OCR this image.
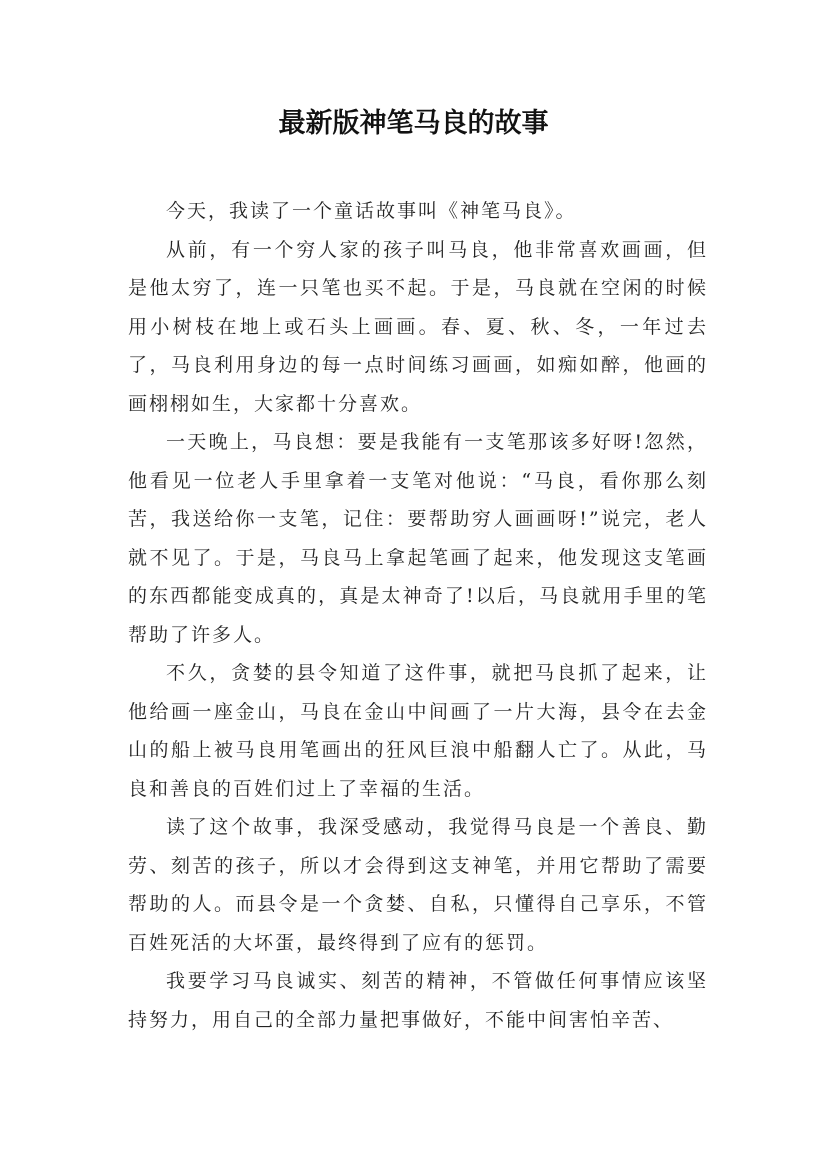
最新版神笔马良的故事

今天，我读了一个童话故事叫《神笔马良》。

从前，有一个穷人家的孩子叫马良，他非常喜欢画画，但是他太穷了，连一只笔也买不起。于是，马良就在空闲的时候用小树枝在地上或石头上画画。春、夏、秋、冬，一年过去了，马良利用身边的每一点时间练习画画，如痴如醉，他画的画栩栩如生，大家都十分喜欢。

一天晚上，马良想：要是我能有一支笔那该多好呀!忽然，他看见一位老人手里拿着一支笔对他说：“马良，看你那么刻苦，我送给你一支笔，记住：要帮助穷人画画呀!”说完，老人就不见了。于是，马良马上拿起笔画了起来，他发现这支笔画的东西都能变成真的，真是太神奇了!以后，马良就用手里的笔帮助了许多人。

不久，贪婪的县令知道了这件事，就把马良抓了起来，让他给画一座金山，马良在金山中间画了一片大海，县令在去金山的船上被马良用笔画出的狂风巨浪中船翻人亡了。从此，马良和善良的百姓们过上了幸福的生活。

读了这个故事，我深受感动，我觉得马良是一个善良、勤劳、刻苦的孩子，所以才会得到这支神笔，并用它帮助了需要帮助的人。而县令是一个贪婪、自私，只懂得自己享乐，不管百姓死活的大坏蛋，最终得到了应有的惩罚。

我要学习马良诚实、刻苦的精神，不管做任何事情应该坚持努力，用自己的全部力量把事做好，不能中间害怕辛苦、
